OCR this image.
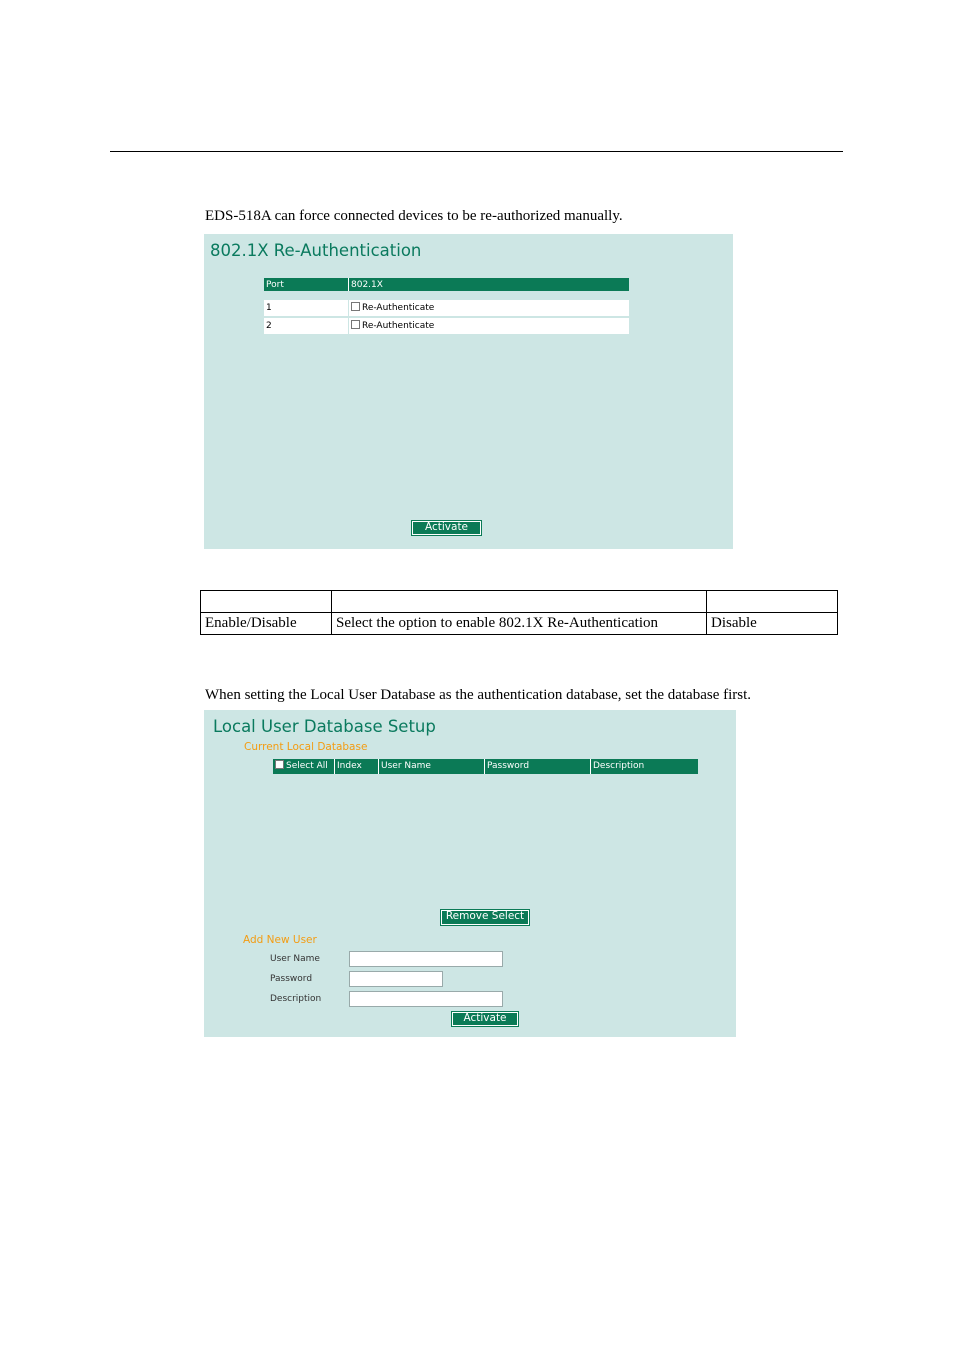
EDS-518A can force connected devices to be re-authorized manually.
802.1X Re-Authentication
Port	802.1X
1	Re-Authenticate
2	Re-Authenticate
Activate

Enable/Disable	Select the option to enable 802.1X Re-Authentication	Disable
When setting the Local User Database as the authentication database, set the database first.
Local User Database Setup
Current Local Database
Select All	Index	User Name	Password	Description
Remove Select
Add New User
User Name
Password
Description
Activate
